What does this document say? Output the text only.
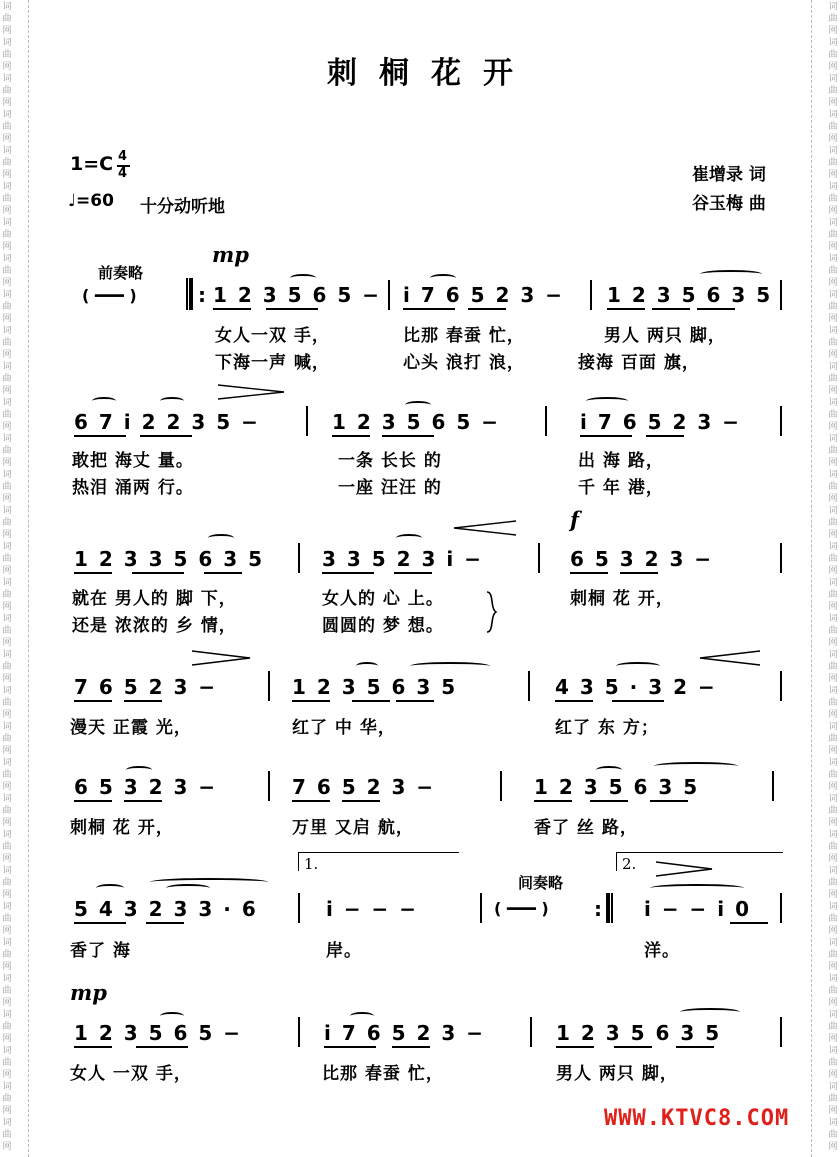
词
曲
网
词
曲
网
词
曲
网
词
曲
网
词
曲
网
词
曲
网
词
曲
网
词
曲
网
词
曲
网
词
曲
网
词
曲
网
词
曲
网
词
曲
网
词
曲
网
词
曲
网
词
曲
网
词
曲
网
词
曲
网
词
曲
网
词
曲
网
词
曲
网
词
曲
网
词
曲
网
词
曲
网
词
曲
网
词
曲
网
词
曲
网
词
曲
网
词
曲
网
词
曲
网
词
曲
网
词
曲
网
词
曲
网
词
曲
网
词
曲
网
词
曲
网
词
曲
网
词
曲
网
词
曲
网
词
曲
网
词
曲
网
词
曲
网
词
曲
网
词
曲
网
词
曲
网
词
曲
网
词
曲
网
词
曲
网
词
曲
网
词
曲
网
词
曲
网
词
曲
网
词
曲
网
词
曲
网
词
曲
网
词
曲
网
词
曲
网
词
曲
网
词
曲
网
词
曲
网
词
曲
网
词
曲
网
词
曲
网
词
曲
网
刺桐花开
1=C 4
4
♩=60 十分动听地
崔增录 词
谷玉梅 曲
前奏略
( ━━━ )
mp
: 1 2 3 5 6 5 − i 7 6 5 2 3 − 1 2 3 5 6 3 5
女人一双 手，	比那 春蚕 忙，	男人 两只 脚，
下海一声 喊，	心头 浪打 浪，	接海 百面 旗，
6 7 i 2 2 3 5 −	1 2 3 5 6 5 −	i 7 6 5 2 3 −
敢把 海丈 量。	一条 长长 的	出 海 路，
热泪 涌两 行。	一座 汪汪 的	千 年 港，
f
1 2 3 3 5 6 3 5	3 3 5 2 3 i −	6 5 3 2 3 −
就在 男人的 脚 下，	女人的 心 上。	刺桐 花 开，
还是 浓浓的 乡 情，	圆圆的 梦 想。
7 6 5 2 3 −	1 2 3 5 6 3 5	4 3 5 · 3 2 −
漫天 正霞 光，	红了 中 华，	红了 东 方；
6 5 3 2 3 −	7 6 5 2 3 −	1 2 3 5 6 3 5
刺桐 花 开，	万里 又启 航，	香了 丝 路，
1.	2.
间奏略
5 4 3 2 3 3 · 6	i − − −	( ━━━ ) : i − − i 0
香了 海	岸。	洋。
mp
1 2 3 5 6 5 −	i 7 6 5 2 3 −	1 2 3 5 6 3 5
女人 一双 手，	比那 春蚕 忙，	男人 两只 脚，
WWW.KTVC8.COM
